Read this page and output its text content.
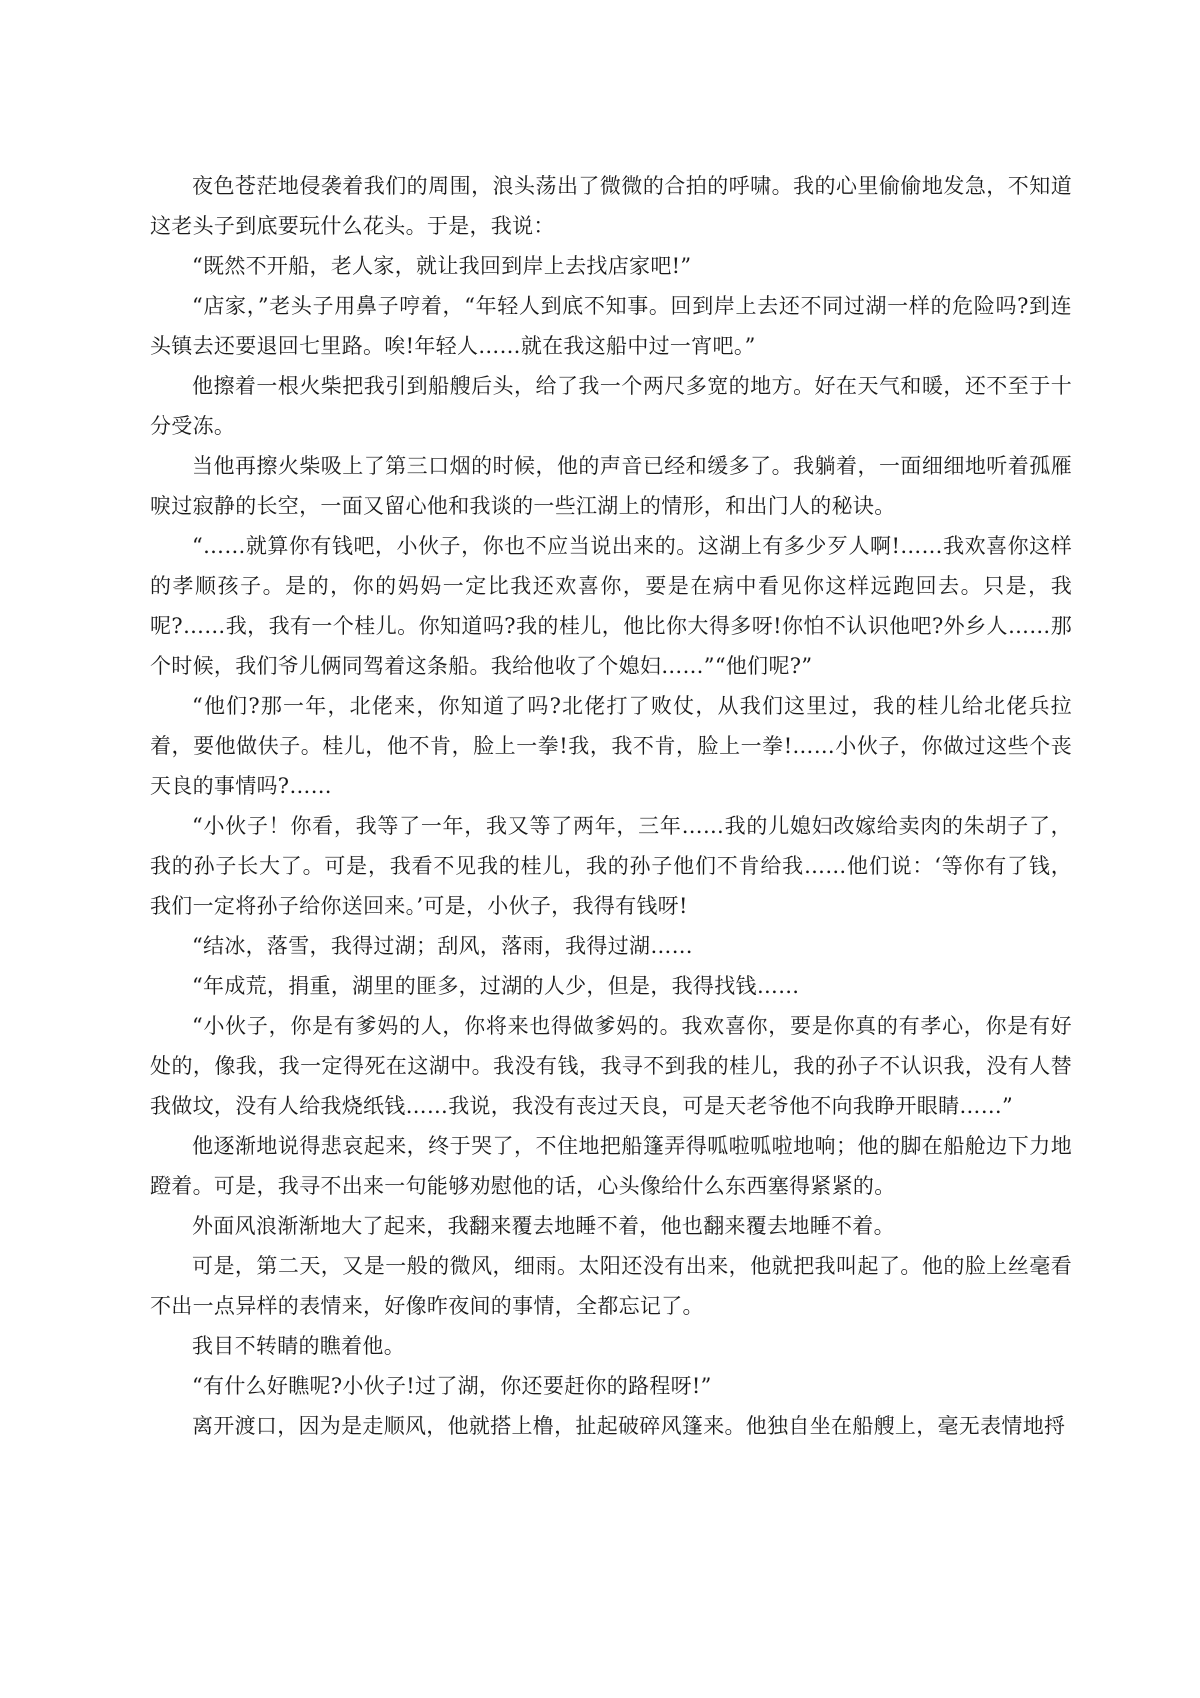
夜色苍茫地侵袭着我们的周围，浪头荡出了微微的合拍的呼啸。我的心里偷偷地发急，不知道这老头子到底要玩什么花头。于是，我说：

“既然不开船，老人家，就让我回到岸上去找店家吧!”

“店家，”老头子用鼻子哼着，“年轻人到底不知事。回到岸上去还不同过湖一样的危险吗?到连头镇去还要退回七里路。唉!年轻人……就在我这船中过一宵吧。”

他擦着一根火柴把我引到船艘后头，给了我一个两尺多宽的地方。好在天气和暖，还不至于十分受冻。

当他再擦火柴吸上了第三口烟的时候，他的声音已经和缓多了。我躺着，一面细细地听着孤雁唳过寂静的长空，一面又留心他和我谈的一些江湖上的情形，和出门人的秘诀。

“……就算你有钱吧，小伙子，你也不应当说出来的。这湖上有多少歹人啊!……我欢喜你这样的孝顺孩子。是的，你的妈妈一定比我还欢喜你，要是在病中看见你这样远跑回去。只是，我呢?……我，我有一个桂儿。你知道吗?我的桂儿，他比你大得多呀!你怕不认识他吧?外乡人……那个时候，我们爷儿俩同驾着这条船。我给他收了个媳妇……”“他们呢?”

“他们?那一年，北佬来，你知道了吗?北佬打了败仗，从我们这里过，我的桂儿给北佬兵拉着，要他做伕子。桂儿，他不肯，脸上一拳!我，我不肯，脸上一拳!……小伙子，你做过这些个丧天良的事情吗?……

“小伙子！你看，我等了一年，我又等了两年，三年……我的儿媳妇改嫁给卖肉的朱胡子了，我的孙子长大了。可是，我看不见我的桂儿，我的孙子他们不肯给我……他们说：‘等你有了钱，我们一定将孙子给你送回来。’可是，小伙子，我得有钱呀!

“结冰，落雪，我得过湖；刮风，落雨，我得过湖……

“年成荒，捐重，湖里的匪多，过湖的人少，但是，我得找钱……

“小伙子，你是有爹妈的人，你将来也得做爹妈的。我欢喜你，要是你真的有孝心，你是有好处的，像我，我一定得死在这湖中。我没有钱，我寻不到我的桂儿，我的孙子不认识我，没有人替我做坟，没有人给我烧纸钱……我说，我没有丧过天良，可是天老爷他不向我睁开眼睛……”

他逐渐地说得悲哀起来，终于哭了，不住地把船篷弄得呱啦呱啦地响；他的脚在船舱边下力地蹬着。可是，我寻不出来一句能够劝慰他的话，心头像给什么东西塞得紧紧的。

外面风浪渐渐地大了起来，我翻来覆去地睡不着，他也翻来覆去地睡不着。

可是，第二天，又是一般的微风，细雨。太阳还没有出来，他就把我叫起了。他的脸上丝毫看不出一点异样的表情来，好像昨夜间的事情，全都忘记了。

我目不转睛的瞧着他。

“有什么好瞧呢?小伙子!过了湖，你还要赶你的路程呀!”

离开渡口，因为是走顺风，他就搭上橹，扯起破碎风篷来。他独自坐在船艘上，毫无表情地捋
